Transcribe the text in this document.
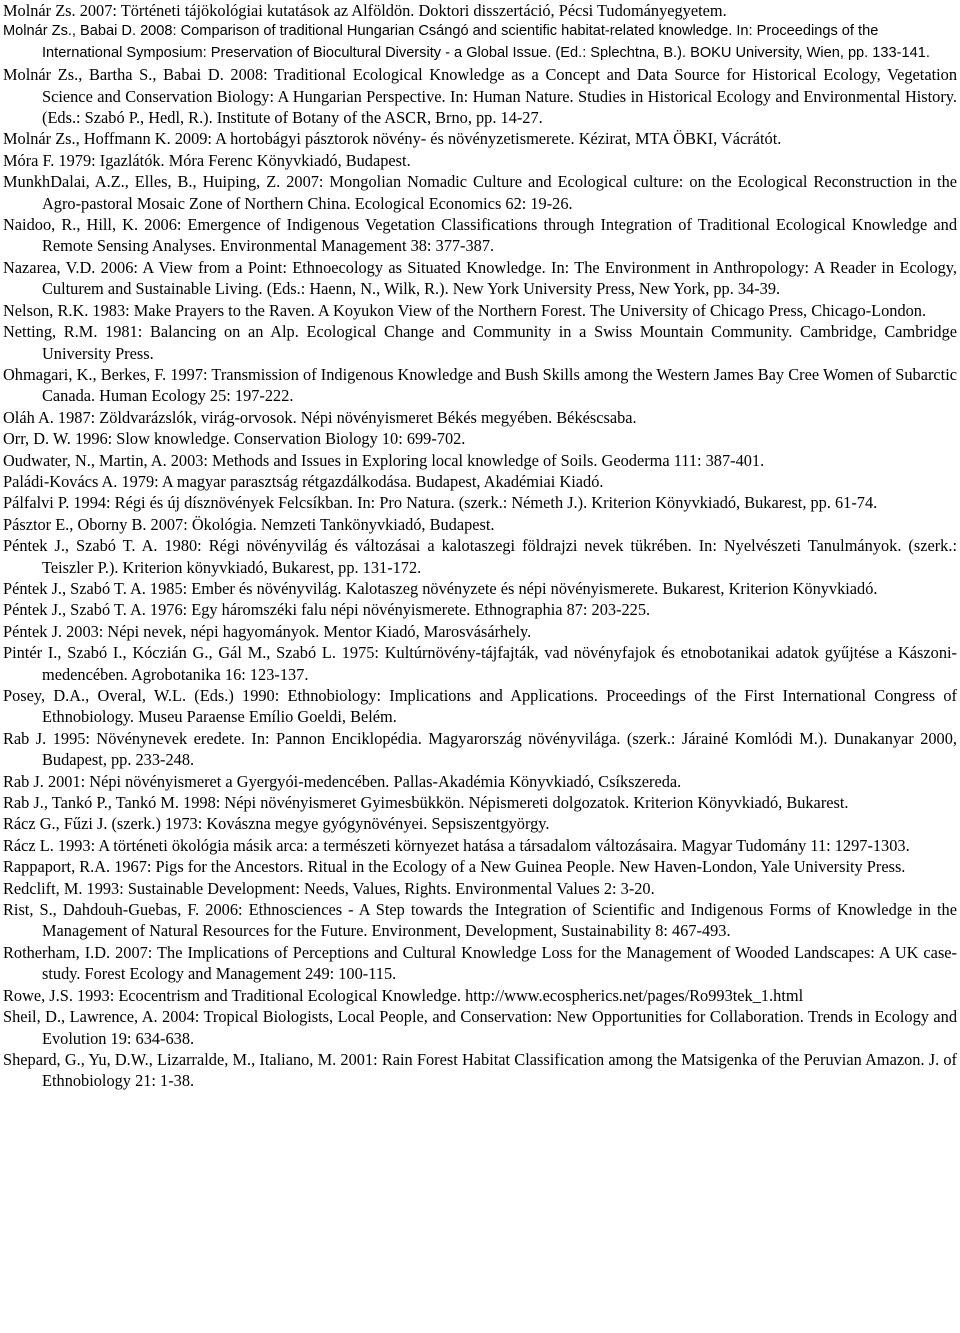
Molnár Zs. 2007: Történeti tájökológiai kutatások az Alföldön. Doktori disszertáció, Pécsi Tudományegyetem.
Molnár Zs., Babai D. 2008: Comparison of traditional Hungarian Csángó and scientific habitat-related knowledge. In: Proceedings of the International Symposium: Preservation of Biocultural Diversity - a Global Issue. (Ed.: Splechtna, B.). BOKU University, Wien, pp. 133-141.
Molnár Zs., Bartha S., Babai D. 2008: Traditional Ecological Knowledge as a Concept and Data Source for Historical Ecology, Vegetation Science and Conservation Biology: A Hungarian Perspective. In: Human Nature. Studies in Historical Ecology and Environmental History. (Eds.: Szabó P., Hedl, R.). Institute of Botany of the ASCR, Brno, pp. 14-27.
Molnár Zs., Hoffmann K. 2009: A hortobágyi pásztorok növény- és növényzetismerete. Kézirat, MTA ÖBKI, Vácrátót.
Móra F. 1979: Igazlátók. Móra Ferenc Könyvkiadó, Budapest.
MunkhDalai, A.Z., Elles, B., Huiping, Z. 2007: Mongolian Nomadic Culture and Ecological culture: on the Ecological Reconstruction in the Agro-pastoral Mosaic Zone of Northern China. Ecological Economics 62: 19-26.
Naidoo, R., Hill, K. 2006: Emergence of Indigenous Vegetation Classifications through Integration of Traditional Ecological Knowledge and Remote Sensing Analyses. Environmental Management 38: 377-387.
Nazarea, V.D. 2006: A View from a Point: Ethnoecology as Situated Knowledge. In: The Environment in Anthropology: A Reader in Ecology, Culturem and Sustainable Living. (Eds.: Haenn, N., Wilk, R.). New York University Press, New York, pp. 34-39.
Nelson, R.K. 1983: Make Prayers to the Raven. A Koyukon View of the Northern Forest. The University of Chicago Press, Chicago-London.
Netting, R.M. 1981: Balancing on an Alp. Ecological Change and Community in a Swiss Mountain Community. Cambridge, Cambridge University Press.
Ohmagari, K., Berkes, F. 1997: Transmission of Indigenous Knowledge and Bush Skills among the Western James Bay Cree Women of Subarctic Canada. Human Ecology 25: 197-222.
Oláh A. 1987: Zöldvarázslók, virág-orvosok. Népi növényismeret Békés megyében. Békéscsaba.
Orr, D. W. 1996: Slow knowledge. Conservation Biology 10: 699-702.
Oudwater, N., Martin, A. 2003: Methods and Issues in Exploring local knowledge of Soils. Geoderma 111: 387-401.
Paládi-Kovács A. 1979: A magyar parasztság rétgazdálkodása. Budapest, Akadémiai Kiadó.
Pálfalvi P. 1994: Régi és új dísznövények Felcsíkban. In: Pro Natura. (szerk.: Németh J.). Kriterion Könyvkiadó, Bukarest, pp. 61-74.
Pásztor E., Oborny B. 2007: Ökológia. Nemzeti Tankönyvkiadó, Budapest.
Péntek J., Szabó T. A. 1980: Régi növényvilág és változásai a kalotaszegi földrajzi nevek tükrében. In: Nyelvészeti Tanulmányok. (szerk.: Teiszler P.). Kriterion könyvkiadó, Bukarest, pp. 131-172.
Péntek J., Szabó T. A. 1985: Ember és növényvilág. Kalotaszeg növényzete és népi növényismerete. Bukarest, Kriterion Könyvkiadó.
Péntek J., Szabó T. A. 1976: Egy háromszéki falu népi növényismerete. Ethnographia 87: 203-225.
Péntek J. 2003: Népi nevek, népi hagyományok. Mentor Kiadó, Marosvásárhely.
Pintér I., Szabó I., Kóczián G., Gál M., Szabó L. 1975: Kultúrnövény-tájfajták, vad növényfajok és etnobotanikai adatok gyűjtése a Kászoni-medencében. Agrobotanika 16: 123-137.
Posey, D.A., Overal, W.L. (Eds.) 1990: Ethnobiology: Implications and Applications. Proceedings of the First International Congress of Ethnobiology. Museu Paraense Emílio Goeldi, Belém.
Rab J. 1995: Növénynevek eredete. In: Pannon Enciklopédia. Magyarország növényvilága. (szerk.: Járainé Komlódi M.). Dunakanyar 2000, Budapest, pp. 233-248.
Rab J. 2001: Népi növényismeret a Gyergyói-medencében. Pallas-Akadémia Könyvkiadó, Csíkszereda.
Rab J., Tankó P., Tankó M. 1998: Népi növényismeret Gyimesbükkön. Népismereti dolgozatok. Kriterion Könyvkiadó, Bukarest.
Rácz G., Fűzi J. (szerk.) 1973: Kovászna megye gyógynövényei. Sepsiszentgyörgy.
Rácz L. 1993: A történeti ökológia másik arca: a természeti környezet hatása a társadalom változásaira. Magyar Tudomány 11: 1297-1303.
Rappaport, R.A. 1967: Pigs for the Ancestors. Ritual in the Ecology of a New Guinea People. New Haven-London, Yale University Press.
Redclift, M. 1993: Sustainable Development: Needs, Values, Rights. Environmental Values 2: 3-20.
Rist, S., Dahdouh-Guebas, F. 2006: Ethnosciences - A Step towards the Integration of Scientific and Indigenous Forms of Knowledge in the Management of Natural Resources for the Future. Environment, Development, Sustainability 8: 467-493.
Rotherham, I.D. 2007: The Implications of Perceptions and Cultural Knowledge Loss for the Management of Wooded Landscapes: A UK case-study. Forest Ecology and Management 249: 100-115.
Rowe, J.S. 1993: Ecocentrism and Traditional Ecological Knowledge. http://www.ecospherics.net/pages/Ro993tek_1.html
Sheil, D., Lawrence, A. 2004: Tropical Biologists, Local People, and Conservation: New Opportunities for Collaboration. Trends in Ecology and Evolution 19: 634-638.
Shepard, G., Yu, D.W., Lizarralde, M., Italiano, M. 2001: Rain Forest Habitat Classification among the Matsigenka of the Peruvian Amazon. J. of Ethnobiology 21: 1-38.
